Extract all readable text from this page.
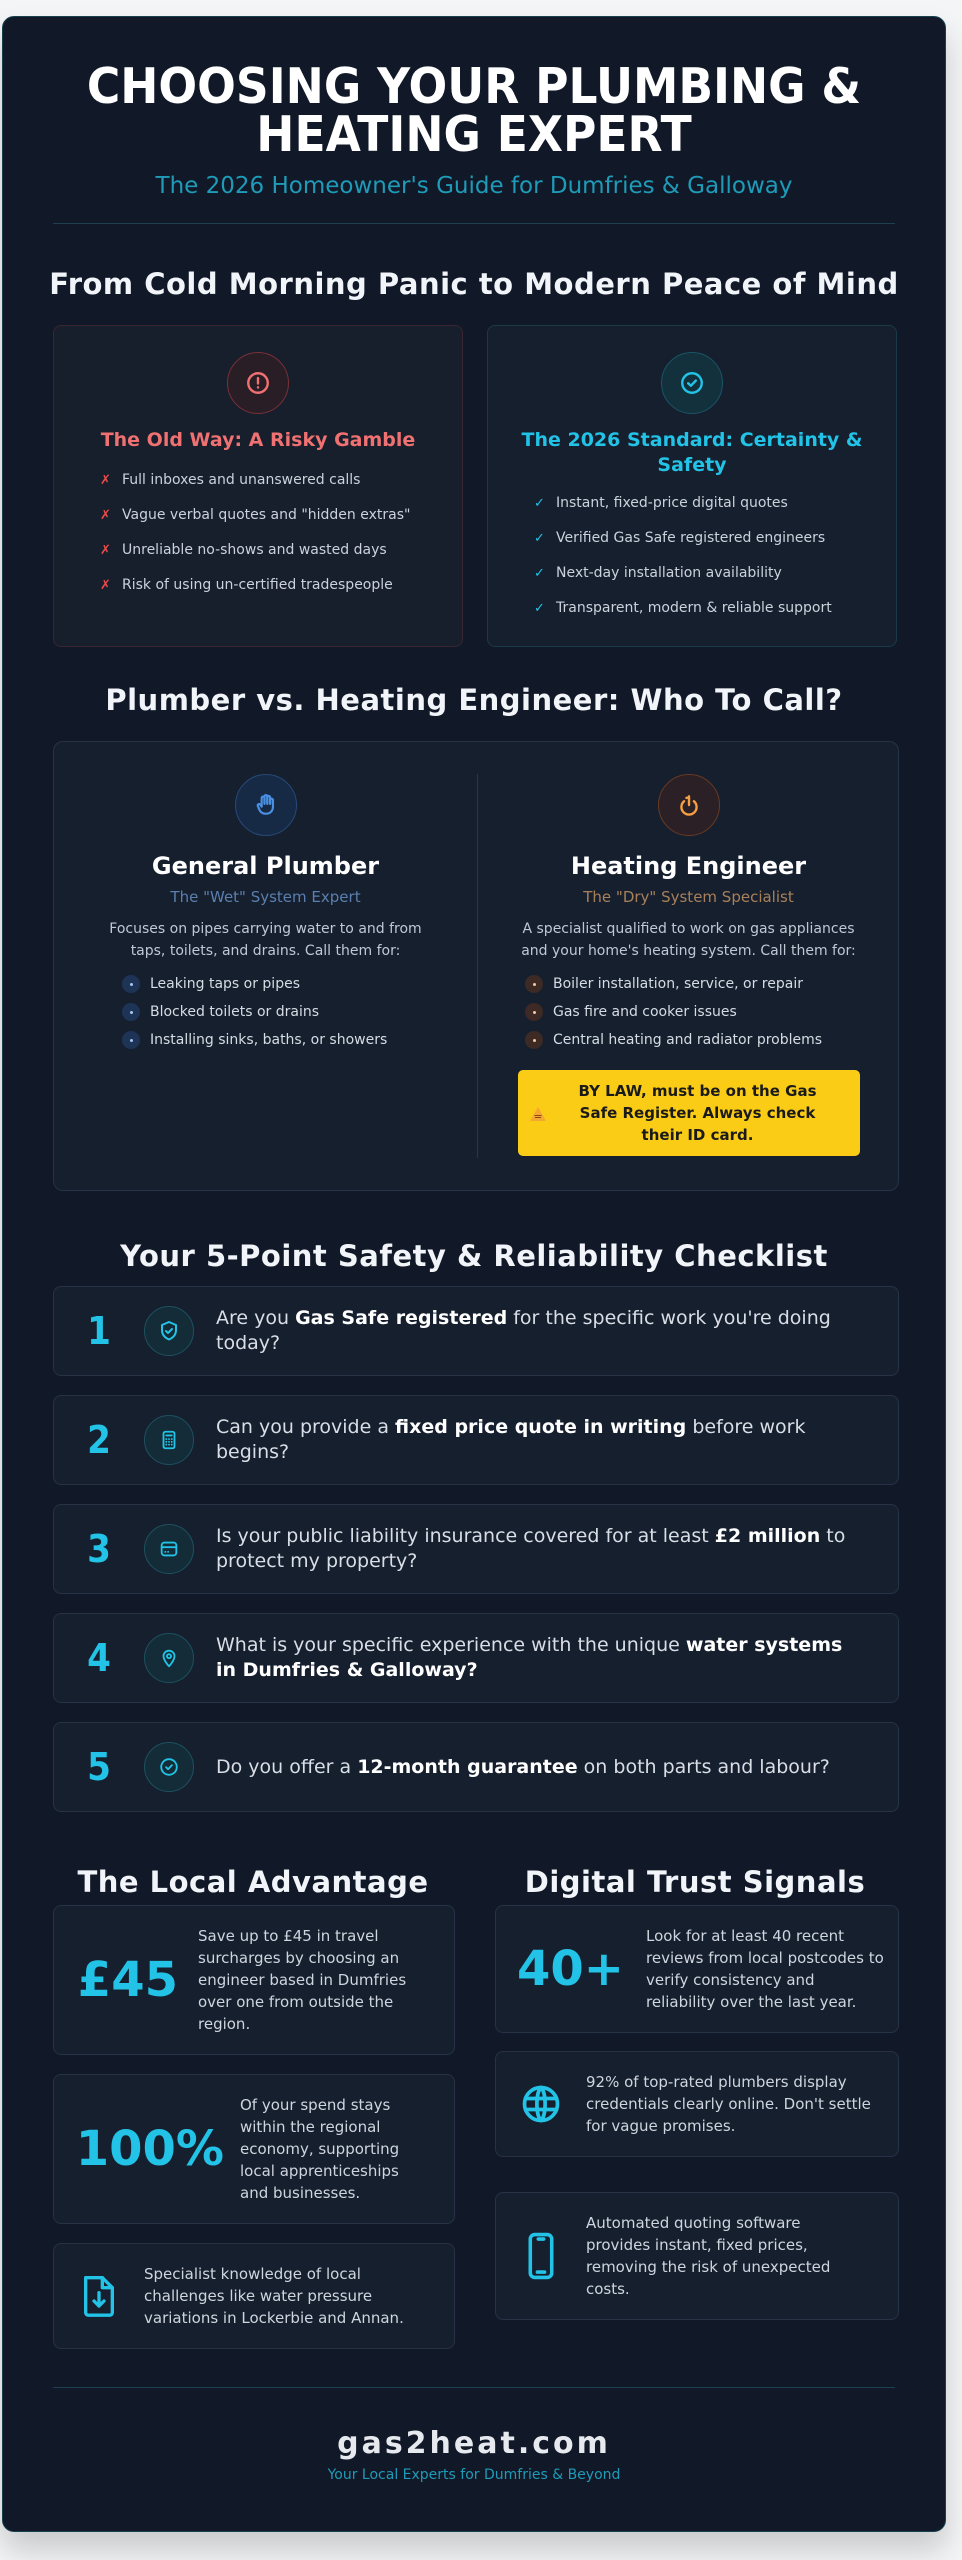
CHOOSING YOUR PLUMBING &
HEATING EXPERT
The 2026 Homeowner's Guide for Dumfries & Galloway
From Cold Morning Panic to Modern Peace of Mind
The Old Way: A Risky Gamble
✗ Full inboxes and unanswered calls
✗ Vague verbal quotes and "hidden extras"
✗ Unreliable no-shows and wasted days
✗ Risk of using un-certified tradespeople
The 2026 Standard: Certainty & Safety
✓ Instant, fixed-price digital quotes
✓ Verified Gas Safe registered engineers
✓ Next-day installation availability
✓ Transparent, modern & reliable support
Plumber vs. Heating Engineer: Who To Call?
General Plumber
The "Wet" System Expert
Focuses on pipes carrying water to and from taps, toilets, and drains. Call them for:
Leaking taps or pipes
Blocked toilets or drains
Installing sinks, baths, or showers
Heating Engineer
The "Dry" System Specialist
A specialist qualified to work on gas appliances and your home's heating system. Call them for:
Boiler installation, service, or repair
Gas fire and cooker issues
Central heating and radiator problems
BY LAW, must be on the Gas Safe Register. Always check their ID card.
Your 5-Point Safety & Reliability Checklist
1	Are you Gas Safe registered for the specific work you're doing today?
2	Can you provide a fixed price quote in writing before work begins?
3	Is your public liability insurance covered for at least £2 million to protect my property?
4	What is your specific experience with the unique water systems in Dumfries & Galloway?
5	Do you offer a 12-month guarantee on both parts and labour?
The Local Advantage
£45
Save up to £45 in travel surcharges by choosing an engineer based in Dumfries over one from outside the region.
100%
Of your spend stays within the regional economy, supporting local apprenticeships and businesses.
Specialist knowledge of local challenges like water pressure variations in Lockerbie and Annan.
Digital Trust Signals
40+
Look for at least 40 recent reviews from local postcodes to verify consistency and reliability over the last year.
92% of top-rated plumbers display credentials clearly online. Don't settle for vague promises.
Automated quoting software provides instant, fixed prices, removing the risk of unexpected costs.
gas2heat.com
Your Local Experts for Dumfries & Beyond
